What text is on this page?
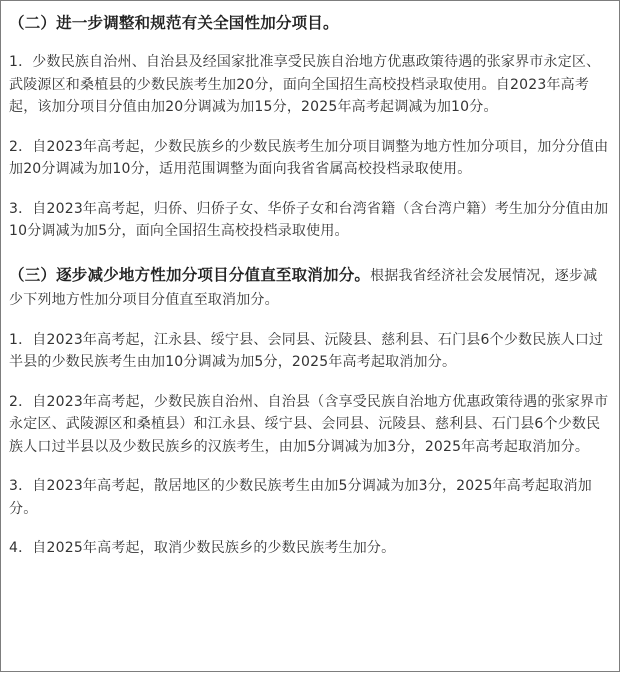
（二）进一步调整和规范有关全国性加分项目。

1．少数民族自治州、自治县及经国家批准享受民族自治地方优惠政策待遇的张家界市永定区、武陵源区和桑植县的少数民族考生加20分，面向全国招生高校投档录取使用。自2023年高考起，该加分项目分值由加20分调减为加15分，2025年高考起调减为加10分。

2．自2023年高考起，少数民族乡的少数民族考生加分项目调整为地方性加分项目，加分分值由加20分调减为加10分，适用范围调整为面向我省省属高校投档录取使用。

3．自2023年高考起，归侨、归侨子女、华侨子女和台湾省籍（含台湾户籍）考生加分分值由加10分调减为加5分，面向全国招生高校投档录取使用。

（三）逐步减少地方性加分项目分值直至取消加分。根据我省经济社会发展情况，逐步减少下列地方性加分项目分值直至取消加分。

1．自2023年高考起，江永县、绥宁县、会同县、沅陵县、慈利县、石门县6个少数民族人口过半县的少数民族考生由加10分调减为加5分，2025年高考起取消加分。

2．自2023年高考起，少数民族自治州、自治县（含享受民族自治地方优惠政策待遇的张家界市永定区、武陵源区和桑植县）和江永县、绥宁县、会同县、沅陵县、慈利县、石门县6个少数民族人口过半县以及少数民族乡的汉族考生，由加5分调减为加3分，2025年高考起取消加分。

3．自2023年高考起，散居地区的少数民族考生由加5分调减为加3分，2025年高考起取消加分。

4．自2025年高考起，取消少数民族乡的少数民族考生加分。
